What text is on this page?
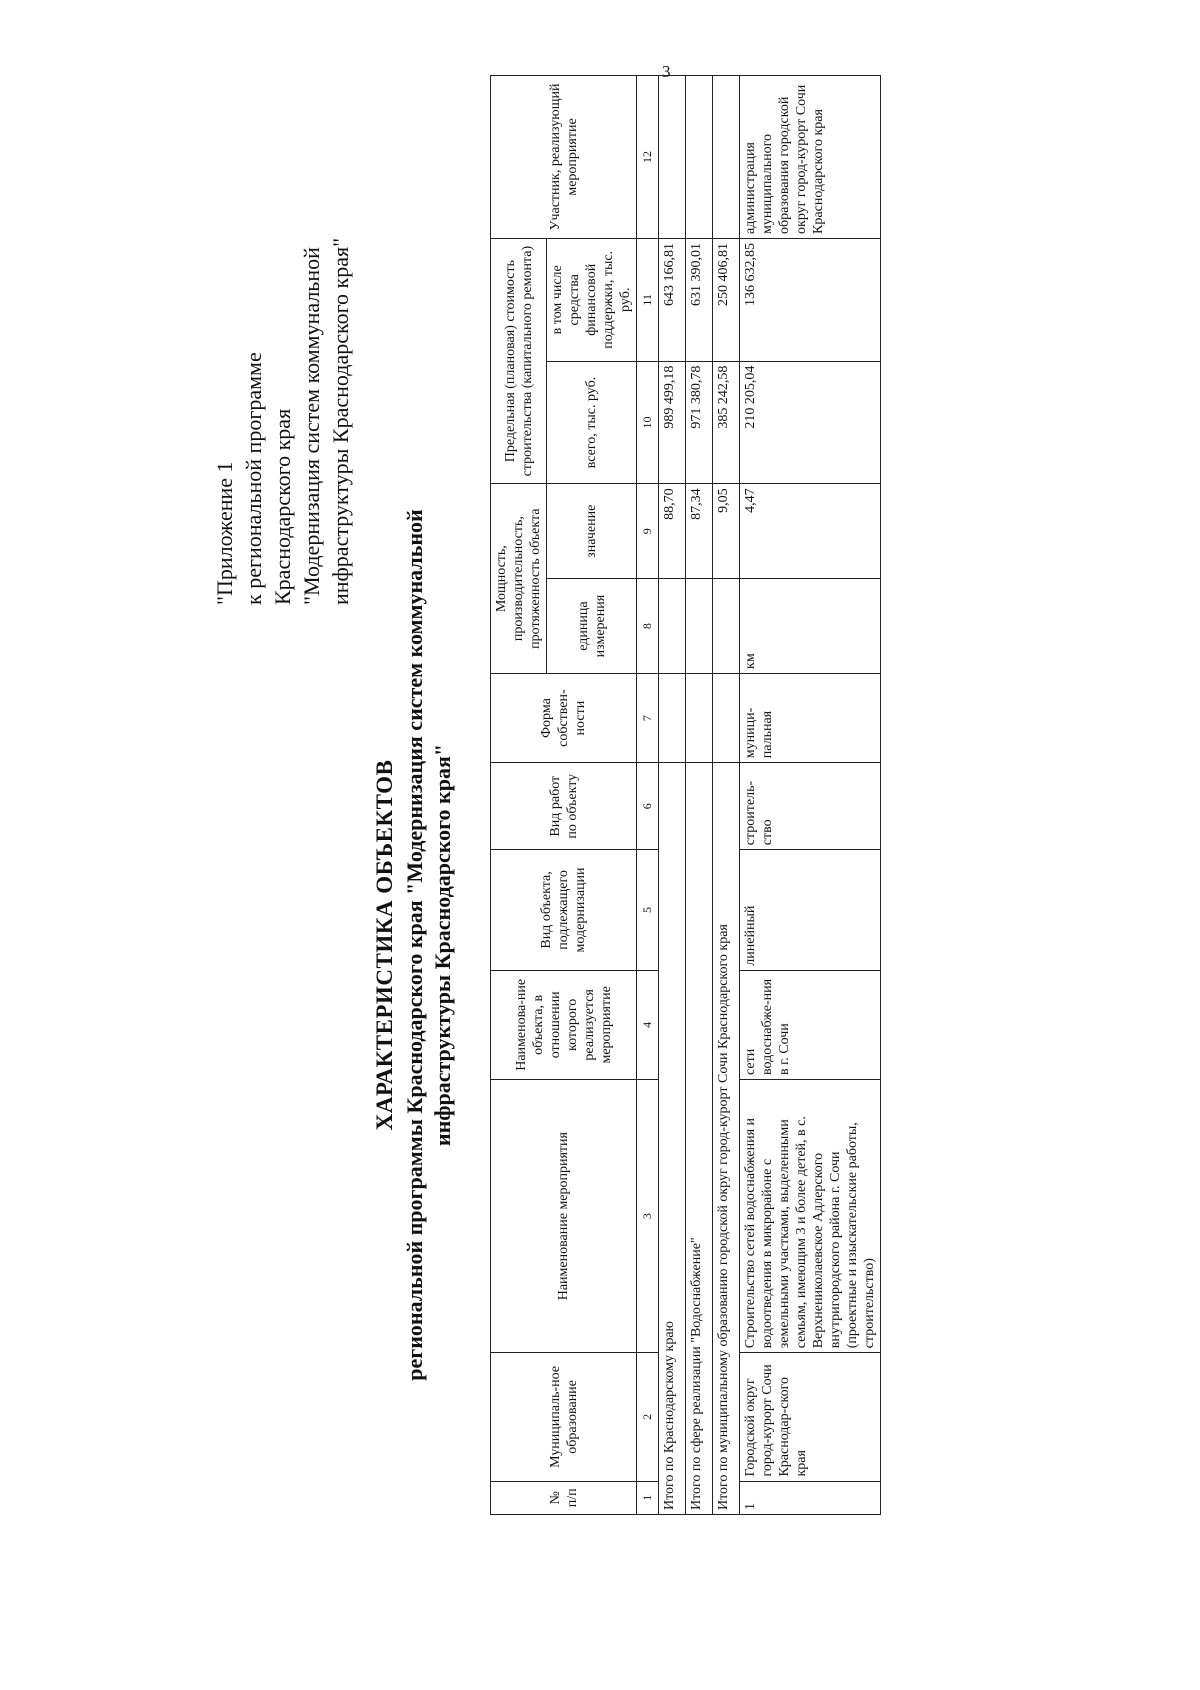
3
"Приложение 1 к региональной программе Краснодарского края "Модернизация систем коммунальной инфраструктуры Краснодарского края"
ХАРАКТЕРИСТИКА ОБЪЕКТОВ региональной программы Краснодарского края "Модернизация систем коммунальной инфраструктуры Краснодарского края"
№ п/п	Муниципаль-ное образование	Наименование мероприятия	Наименова-ние объекта, в отношении которого реализуется мероприятие	Вид объекта, подлежащего модернизации	Вид работ по объекту	Форма собствен-ности	Мощность, производительность, протяженность объекта		Предельная (плановая) стоимость строительства (капитального ремонта)		Участник, реализующий мероприятие
							единица измерения	значение	всего, тыс. руб.	в том числе средства финансовой поддержки, тыс. руб.	
1	2	3	4	5	6	7	8	9	10	11	12
Итого по Краснодарскому краю								88,70	989 499,18	643 166,81	
Итого по сфере реализации "Водоснабжение"								87,34	971 380,78	631 390,01	
Итого по муниципальному образованию городской округ город-курорт Сочи Краснодарского края								9,05	385 242,58	250 406,81	
1	Городской округ город-курорт Сочи Краснодар-ского края	Строительство сетей водоснабжения и водоотведения в микрорайоне с земельными участками, выделенными семьям, имеющим 3 и более детей, в с. Верхнениколаевское Адлерского внутригородского района г. Сочи (проектные и изыскательские работы, строительство)	сети водоснабже-ния в г. Сочи	линейный	строитель-ство	муници-пальная	км	4,47	210 205,04	136 632,85	администрация муниципального образования городской округ город-курорт Сочи Краснодарского края
